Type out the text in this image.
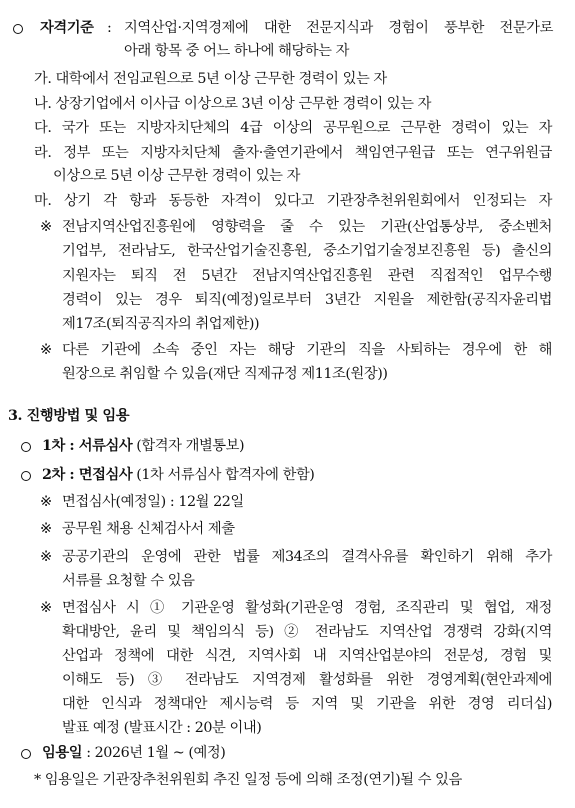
자격기준 : 지역산업·지역경제에 대한 전문지식과 경험이 풍부한 전문가로
아래 항목 중 어느 하나에 해당하는 자
가. 대학에서 전임교원으로 5년 이상 근무한 경력이 있는 자
나. 상장기업에서 이사급 이상으로 3년 이상 근무한 경력이 있는 자
다. 국가 또는 지방자치단체의 4급 이상의 공무원으로 근무한 경력이 있는 자
라. 정부 또는 지방자치단체 출자·출연기관에서 책임연구원급 또는 연구위원급
이상으로 5년 이상 근무한 경력이 있는 자
마. 상기 각 항과 동등한 자격이 있다고 기관장추천위원회에서 인정되는 자
※ 전남지역산업진흥원에 영향력을 줄 수 있는 기관(산업통상부, 중소벤처
기업부, 전라남도, 한국산업기술진흥원, 중소기업기술정보진흥원 등) 출신의
지원자는 퇴직 전 5년간 전남지역산업진흥원 관련 직접적인 업무수행
경력이 있는 경우 퇴직(예정)일로부터 3년간 지원을 제한함(공직자윤리법
제17조(퇴직공직자의 취업제한))
※ 다른 기관에 소속 중인 자는 해당 기관의 직을 사퇴하는 경우에 한 해
원장으로 취임할 수 있음(재단 직제규정 제11조(원장))
3. 진행방법 및 임용
1차 : 서류심사 (합격자 개별통보)
2차 : 면접심사 (1차 서류심사 합격자에 한함)
※ 면접심사(예정일) : 12월 22일
※ 공무원 채용 신체검사서 제출
※ 공공기관의 운영에 관한 법률 제34조의 결격사유를 확인하기 위해 추가
서류를 요청할 수 있음
※ 면접심사 시 ① 기관운영 활성화(기관운영 경험, 조직관리 및 협업, 재정
확대방안, 윤리 및 책임의식 등) ② 전라남도 지역산업 경쟁력 강화(지역
산업과 정책에 대한 식견, 지역사회 내 지역산업분야의 전문성, 경험 및
이해도 등) ③ 전라남도 지역경제 활성화를 위한 경영계획(현안과제에
대한 인식과 정책대안 제시능력 등 지역 및 기관을 위한 경영 리더십)
발표 예정 (발표시간 : 20분 이내)
임용일 : 2026년 1월 ~ (예정)
* 임용일은 기관장추천위원회 추진 일정 등에 의해 조정(연기)될 수 있음
